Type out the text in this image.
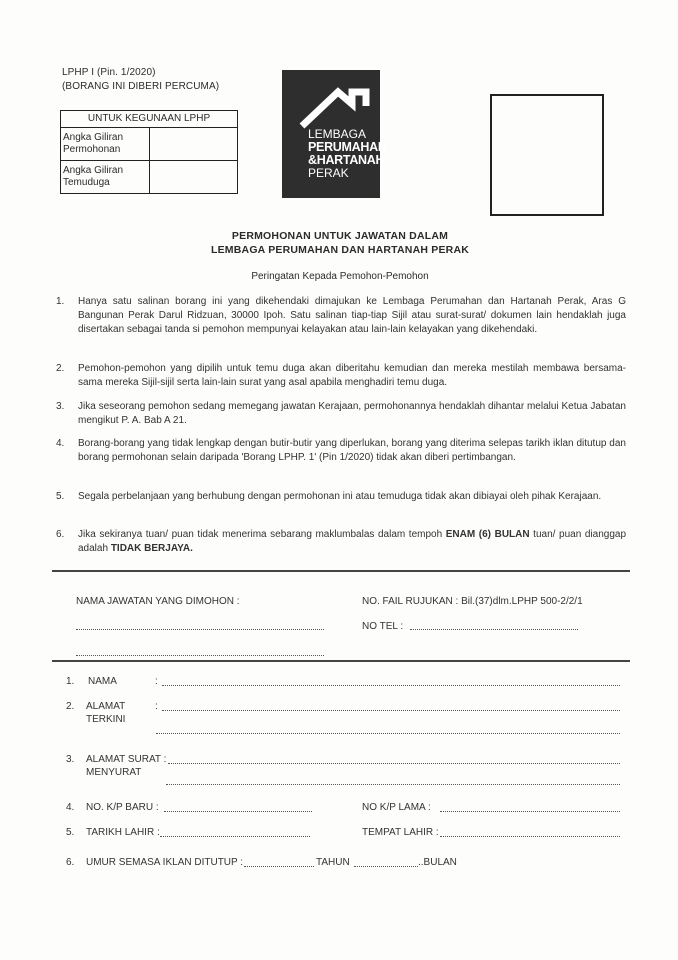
LPHP I (Pin. 1/2020)
(BORANG INI DIBERI PERCUMA)
UNTUK KEGUNAAN LPHP	

Angka Giliran
Permohonan	

Angka Giliran
Temuduga	

LEMBAGA
PERUMAHAN
&HARTANAH
PERAK
PERMOHONAN UNTUK JAWATAN DALAM
LEMBAGA PERUMAHAN DAN HARTANAH PERAK
Peringatan Kepada Pemohon-Pemohon
1. Hanya satu salinan borang ini yang dikehendaki dimajukan ke Lembaga Perumahan dan Hartanah Perak, Aras G Bangunan Perak Darul Ridzuan, 30000 Ipoh. Satu salinan tiap-tiap Sijil atau surat-surat/ dokumen lain hendaklah juga disertakan sebagai tanda si pemohon mempunyai kelayakan atau lain-lain kelayakan yang dikehendaki.
2. Pemohon-pemohon yang dipilih untuk temu duga akan diberitahu kemudian dan mereka mestilah membawa bersama-sama mereka Sijil-sijil serta lain-lain surat yang asal apabila menghadiri temu duga.
3. Jika seseorang pemohon sedang memegang jawatan Kerajaan, permohonannya hendaklah dihantar melalui Ketua Jabatan mengikut P. A. Bab A 21.
4. Borang-borang yang tidak lengkap dengan butir-butir yang diperlukan, borang yang diterima selepas tarikh iklan ditutup dan borang permohonan selain daripada 'Borang LPHP. 1' (Pin 1/2020) tidak akan diberi pertimbangan.
5. Segala perbelanjaan yang berhubung dengan permohonan ini atau temuduga tidak akan dibiayai oleh pihak Kerajaan.
6. Jika sekiranya tuan/ puan tidak menerima sebarang maklumbalas dalam tempoh ENAM (6) BULAN tuan/ puan dianggap adalah TIDAK BERJAYA.
NAMA JAWATAN YANG DIMOHON :	NO. FAIL RUJUKAN : Bil.(37)dlm.LPHP 500-2/2/1
NO TEL :
1. NAMA	:
2. ALAMAT
TERKINI
:
3. ALAMAT SURAT :
MENYURAT
4. NO. K/P BARU :	NO K/P LAMA :
5. TARIKH LAHIR :	TEMPAT LAHIR :
6. UMUR SEMASA IKLAN DITUTUP :	TAHUN	..BULAN
